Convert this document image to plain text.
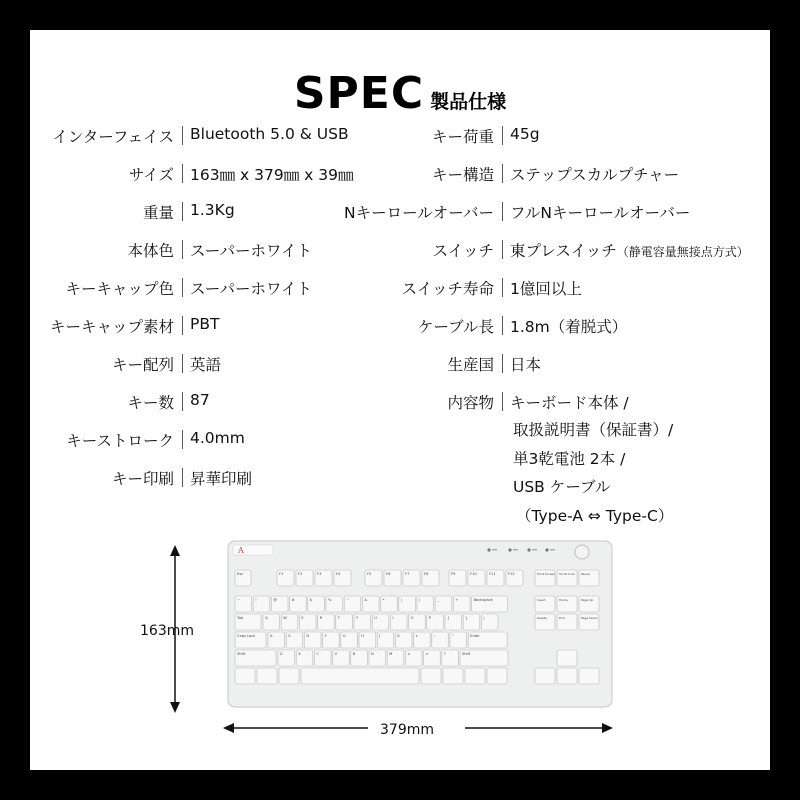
SPEC 製品仕様
インターフェイス Bluetooth 5.0 & USB
サイズ 163㎜ x 379㎜ x 39㎜
重量 1.3Kg
本体色 スーパーホワイト
キーキャップ色 スーパーホワイト
キーキャップ素材 PBT
キー配列 英語
キー数 87
キーストローク 4.0mm
キー印刷 昇華印刷
キー荷重 45g
キー構造 ステップスカルプチャー
Nキーロールオーバー フルNキーロールオーバー
スイッチ 東プレスイッチ（静電容量無接点方式）
スイッチ寿命 1億回以上
ケーブル長 1.8m（着脱式）
生産国 日本
内容物 キーボード本体 /
取扱説明書（保証書）/
単3乾電池 2本 /
USB ケーブル
（Type-A ⇔ Type-C）
163mm
A
Esc	F1	F2	F3	F4	F5	F6	F7	F8	F9	F10	F11	F12	Print Screen Scroll Lock Pause
~	!	@	#	$	%	^	&	*	(	)	_	+	Backspace	Insert	Home	Page Up
Tab	Q	W	E	R	T	Y	U	I	O	P	{	}	|	Delete	End	Page Down
Caps Lock	A	S	D	F	G	H	J	K	L	:	"	Enter
Shift	Z	X	C	V	B	N	M	<	>	?	Shift
379mm
